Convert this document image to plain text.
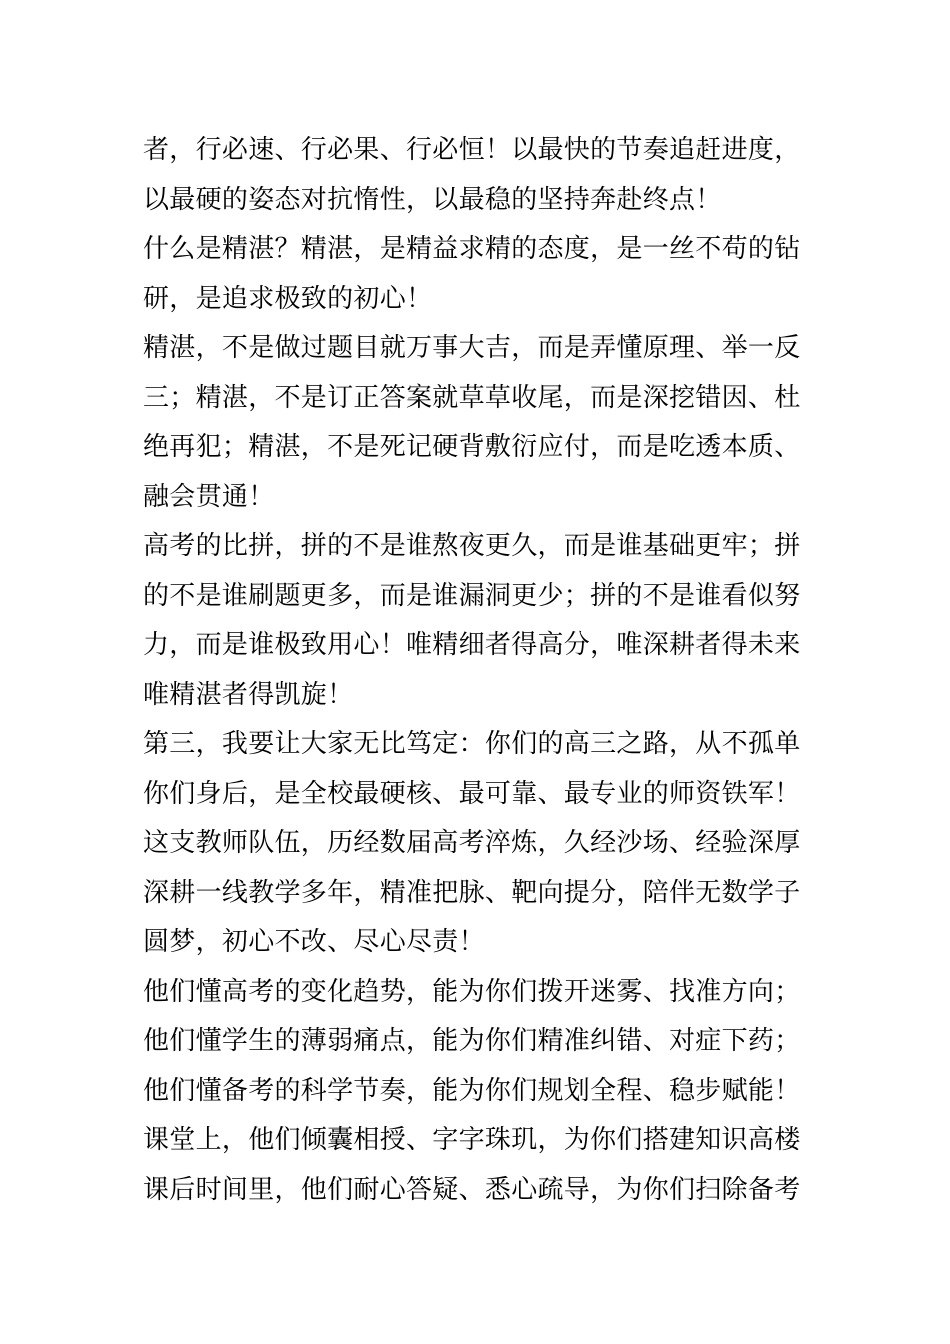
者，行必速、行必果、行必恒！以最快的节奏追赶进度，
以最硬的姿态对抗惰性，以最稳的坚持奔赴终点！
什么是精湛？精湛，是精益求精的态度，是一丝不苟的钻
研，是追求极致的初心！
精湛，不是做过题目就万事大吉，而是弄懂原理、举一反
三；精湛，不是订正答案就草草收尾，而是深挖错因、杜
绝再犯；精湛，不是死记硬背敷衍应付，而是吃透本质、
融会贯通！
高考的比拼，拼的不是谁熬夜更久，而是谁基础更牢；拼
的不是谁刷题更多，而是谁漏洞更少；拼的不是谁看似努
力，而是谁极致用心！唯精细者得高分，唯深耕者得未来
唯精湛者得凯旋！
第三，我要让大家无比笃定：你们的高三之路，从不孤单
你们身后，是全校最硬核、最可靠、最专业的师资铁军！
这支教师队伍，历经数届高考淬炼，久经沙场、经验深厚
深耕一线教学多年，精准把脉、靶向提分，陪伴无数学子
圆梦，初心不改、尽心尽责！
他们懂高考的变化趋势，能为你们拨开迷雾、找准方向；
他们懂学生的薄弱痛点，能为你们精准纠错、对症下药；
他们懂备考的科学节奏，能为你们规划全程、稳步赋能！
课堂上，他们倾囊相授、字字珠玑，为你们搭建知识高楼
课后时间里，他们耐心答疑、悉心疏导，为你们扫除备考
